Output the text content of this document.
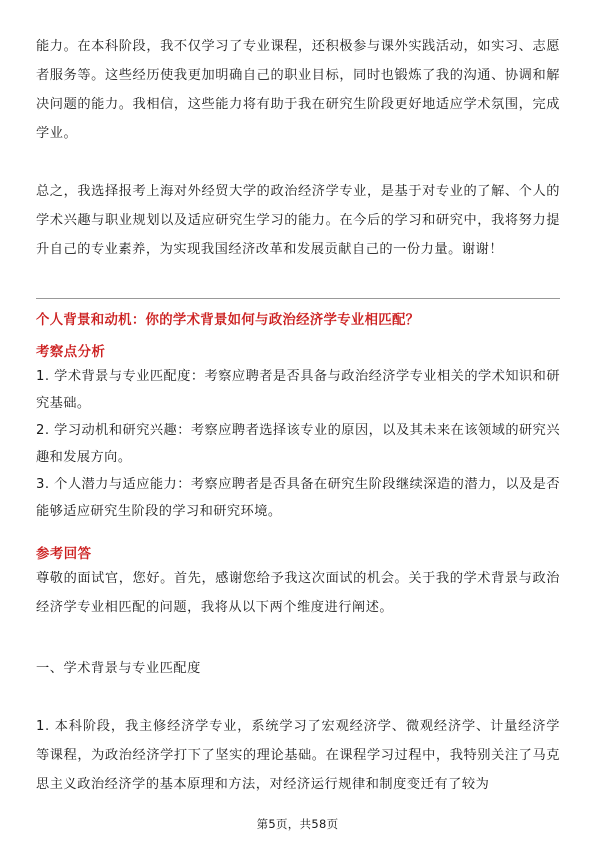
能力。在本科阶段，我不仅学习了专业课程，还积极参与课外实践活动，如实习、志愿者服务等。这些经历使我更加明确自己的职业目标，同时也锻炼了我的沟通、协调和解决问题的能力。我相信，这些能力将有助于我在研究生阶段更好地适应学术氛围，完成学业。

总之，我选择报考上海对外经贸大学的政治经济学专业，是基于对专业的了解、个人的学术兴趣与职业规划以及适应研究生学习的能力。在今后的学习和研究中，我将努力提升自己的专业素养，为实现我国经济改革和发展贡献自己的一份力量。谢谢！

个人背景和动机：你的学术背景如何与政治经济学专业相匹配？

考察点分析

1. 学术背景与专业匹配度：考察应聘者是否具备与政治经济学专业相关的学术知识和研究基础。
2. 学习动机和研究兴趣：考察应聘者选择该专业的原因，以及其未来在该领域的研究兴趣和发展方向。
3. 个人潜力与适应能力：考察应聘者是否具备在研究生阶段继续深造的潜力，以及是否能够适应研究生阶段的学习和研究环境。

参考回答

尊敬的面试官，您好。首先，感谢您给予我这次面试的机会。关于我的学术背景与政治经济学专业相匹配的问题，我将从以下两个维度进行阐述。

一、学术背景与专业匹配度

1. 本科阶段，我主修经济学专业，系统学习了宏观经济学、微观经济学、计量经济学等课程，为政治经济学打下了坚实的理论基础。在课程学习过程中，我特别关注了马克思主义政治经济学的基本原理和方法，对经济运行规律和制度变迁有了较为

第5页，共58页
